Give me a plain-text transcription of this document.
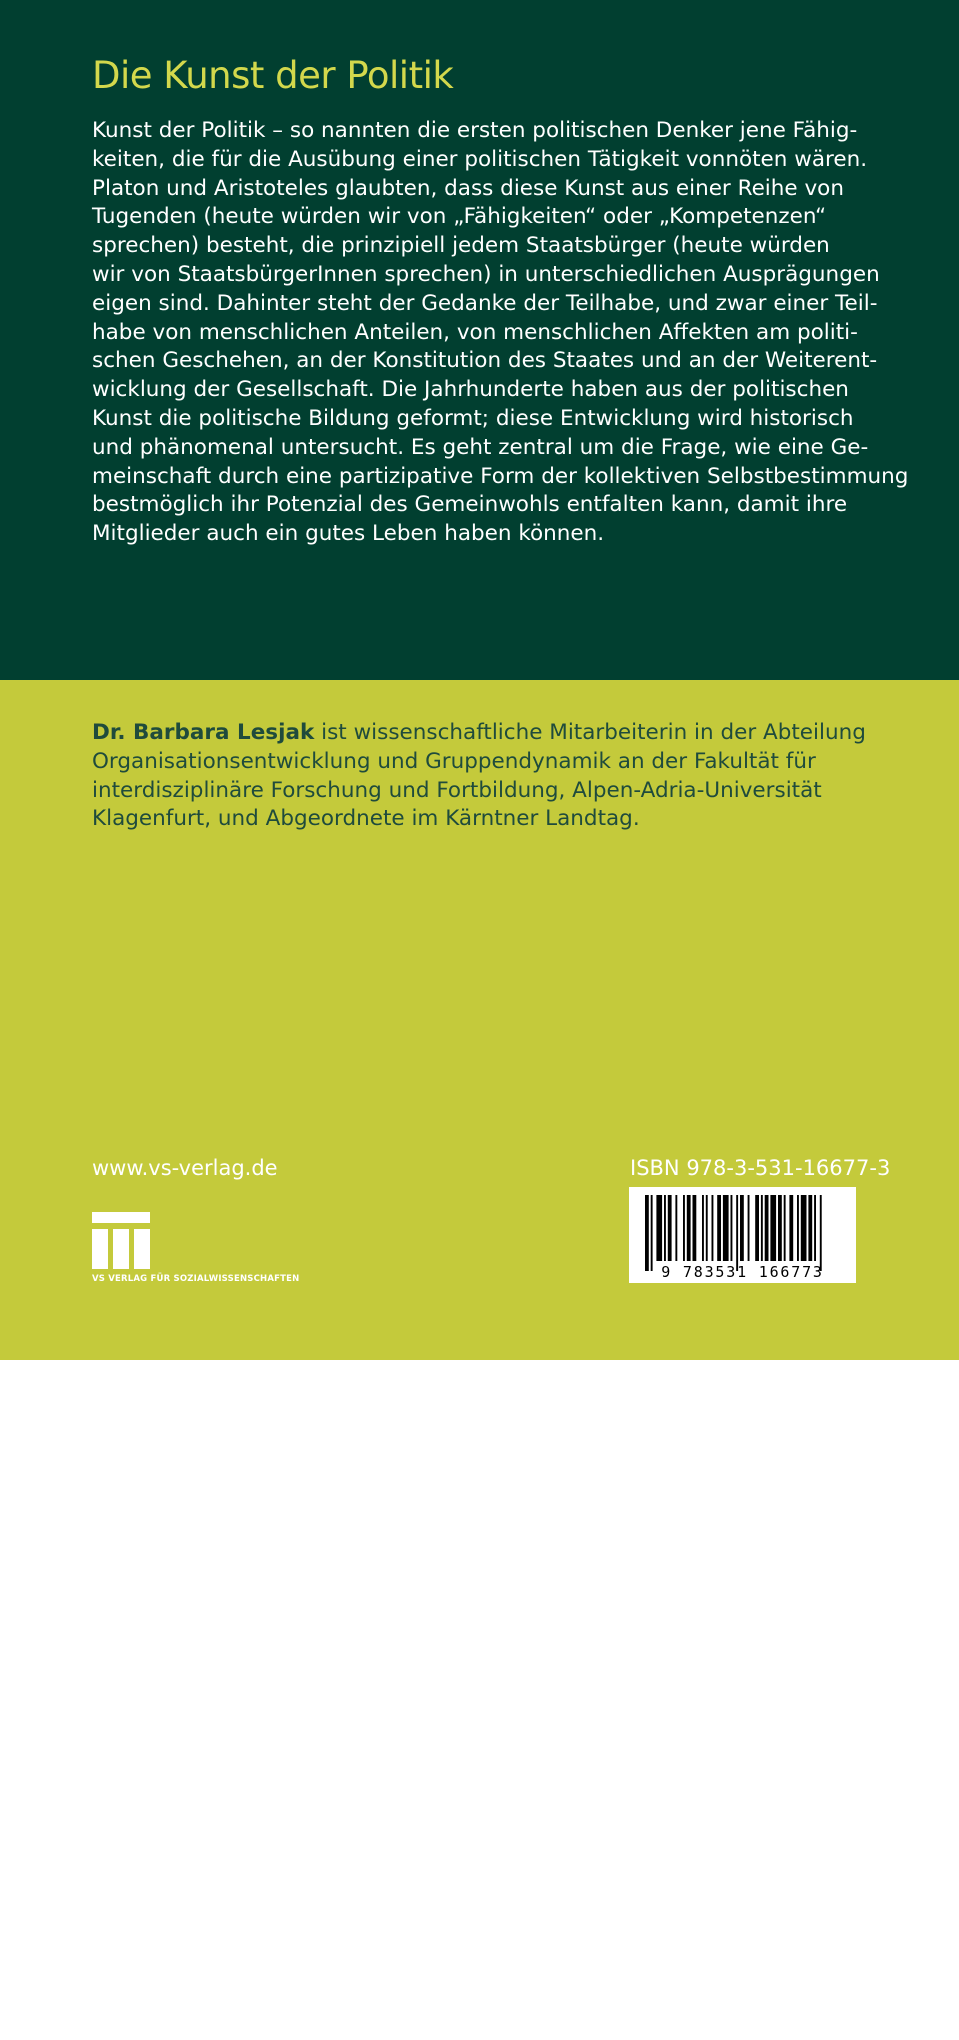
Die Kunst der Politik
Kunst der Politik – so nannten die ersten politischen Denker jene Fähig-
keiten, die für die Ausübung einer politischen Tätigkeit vonnöten wären.
Platon und Aristoteles glaubten, dass diese Kunst aus einer Reihe von
Tugenden (heute würden wir von „Fähigkeiten“ oder „Kompetenzen“
sprechen) besteht, die prinzipiell jedem Staatsbürger (heute würden
wir von StaatsbürgerInnen sprechen) in unterschiedlichen Ausprägungen
eigen sind. Dahinter steht der Gedanke der Teilhabe, und zwar einer Teil-
habe von menschlichen Anteilen, von menschlichen Affekten am politi-
schen Geschehen, an der Konstitution des Staates und an der Weiterent-
wicklung der Gesellschaft. Die Jahrhunderte haben aus der politischen
Kunst die politische Bildung geformt; diese Entwicklung wird historisch
und phänomenal untersucht. Es geht zentral um die Frage, wie eine Ge-
meinschaft durch eine partizipative Form der kollektiven Selbstbestimmung
bestmöglich ihr Potenzial des Gemeinwohls entfalten kann, damit ihre
Mitglieder auch ein gutes Leben haben können.
Dr. Barbara Lesjak ist wissenschaftliche Mitarbeiterin in der Abteilung
Organisationsentwicklung und Gruppendynamik an der Fakultät für
interdisziplinäre Forschung und Fortbildung, Alpen-Adria-Universität
Klagenfurt, und Abgeordnete im Kärntner Landtag.
www.vs-verlag.de	ISBN 978-3-531-16677-3
VS VERLAG FÜR SOZIALWISSENSCHAFTEN	9 783531 166773
